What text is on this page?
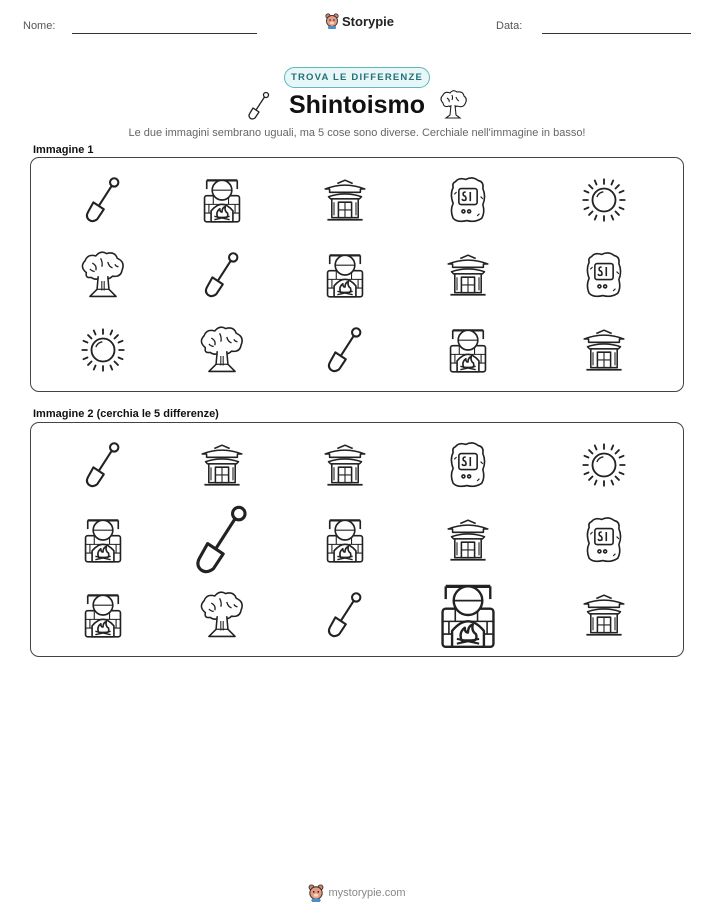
Nome:	Storypie	Data:
TROVA LE DIFFERENZE
Shintoismo
Le due immagini sembrano uguali, ma 5 cose sono diverse. Cerchiale nell'immagine in basso!
Immagine 1
Immagine 2 (cerchia le 5 differenze)
mystorypie.com
